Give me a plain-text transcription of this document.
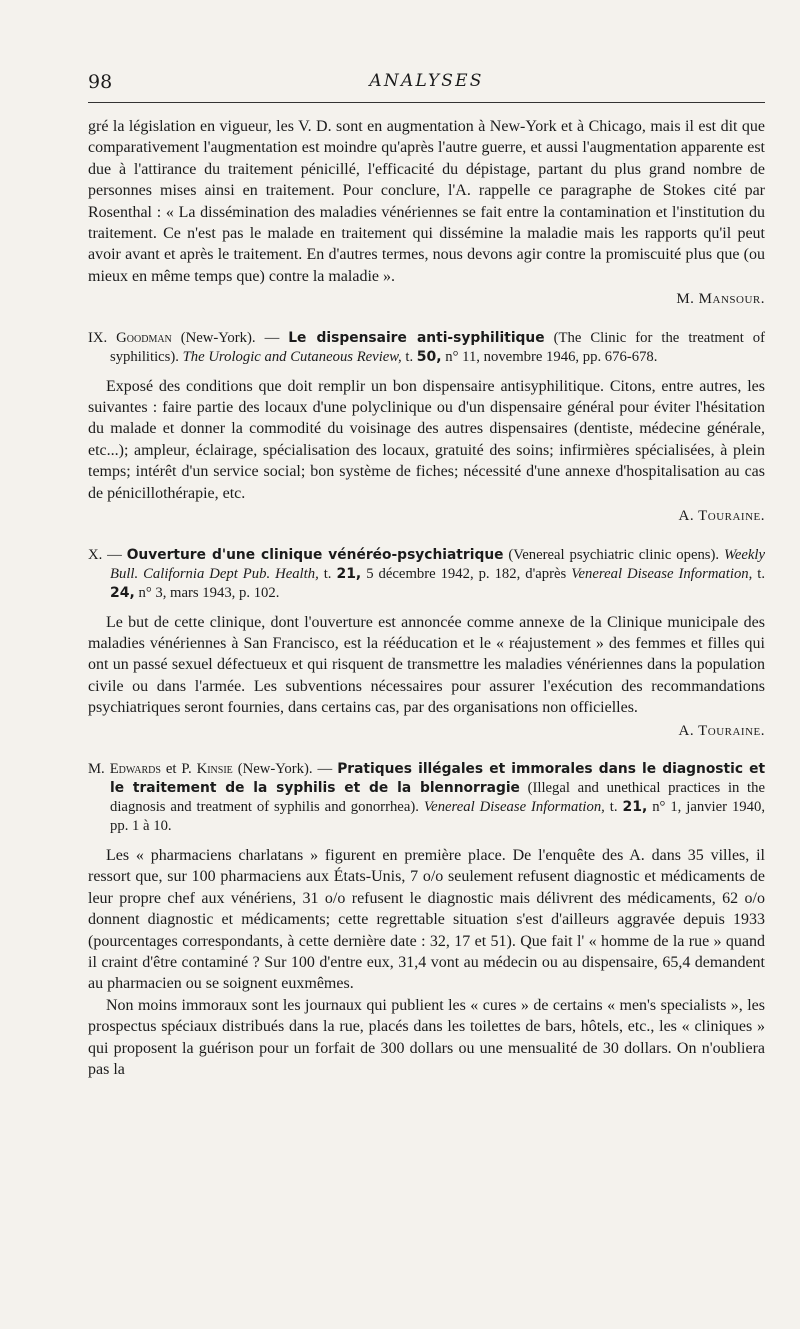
98	ANALYSES

gré la législation en vigueur, les V. D. sont en augmentation à New-York et à Chicago, mais il est dit que comparativement l'augmentation est moindre qu'après l'autre guerre, et aussi l'augmentation apparente est due à l'attirance du traitement pénicillé, l'efficacité du dépistage, partant du plus grand nombre de personnes mises ainsi en traitement. Pour conclure, l'A. rappelle ce paragraphe de Stokes cité par Rosenthal : « La dissémination des maladies vénériennes se fait entre la contamination et l'institution du traitement. Ce n'est pas le malade en traitement qui dissémine la maladie mais les rapports qu'il peut avoir avant et après le traitement. En d'autres termes, nous devons agir contre la promiscuité plus que (ou mieux en même temps que) contre la maladie ».

M. Mansour.

IX. Goodman (New-York). — Le dispensaire anti-syphilitique (The Clinic for the treatment of syphilitics). The Urologic and Cutaneous Review, t. 50, n° 11, novembre 1946, pp. 676-678.

Exposé des conditions que doit remplir un bon dispensaire antisyphilitique. Citons, entre autres, les suivantes : faire partie des locaux d'une polyclinique ou d'un dispensaire général pour éviter l'hésitation du malade et donner la commodité du voisinage des autres dispensaires (dentiste, médecine générale, etc...); ampleur, éclairage, spécialisation des locaux, gratuité des soins; infirmières spécialisées, à plein temps; intérêt d'un service social; bon système de fiches; nécessité d'une annexe d'hospitalisation au cas de pénicillothérapie, etc.

A. Touraine.

X. — Ouverture d'une clinique vénéréo-psychiatrique (Venereal psychiatric clinic opens). Weekly Bull. California Dept Pub. Health, t. 21, 5 décembre 1942, p. 182, d'après Venereal Disease Information, t. 24, n° 3, mars 1943, p. 102.

Le but de cette clinique, dont l'ouverture est annoncée comme annexe de la Clinique municipale des maladies vénériennes à San Francisco, est la rééducation et le « réajustement » des femmes et filles qui ont un passé sexuel défectueux et qui risquent de transmettre les maladies vénériennes dans la population civile ou dans l'armée. Les subventions nécessaires pour assurer l'exécution des recommandations psychiatriques seront fournies, dans certains cas, par des organisations non officielles.

A. Touraine.

M. Edwards et P. Kinsie (New-York). — Pratiques illégales et immorales dans le diagnostic et le traitement de la syphilis et de la blennorragie (Illegal and unethical practices in the diagnosis and treatment of syphilis and gonorrhea). Venereal Disease Information, t. 21, n° 1, janvier 1940, pp. 1 à 10.

Les « pharmaciens charlatans » figurent en première place. De l'enquête des A. dans 35 villes, il ressort que, sur 100 pharmaciens aux États-Unis, 7 o/o seulement refusent diagnostic et médicaments de leur propre chef aux vénériens, 31 o/o refusent le diagnostic mais délivrent des médicaments, 62 o/o donnent diagnostic et médicaments; cette regrettable situation s'est d'ailleurs aggravée depuis 1933 (pourcentages correspondants, à cette dernière date : 32, 17 et 51). Que fait l' « homme de la rue » quand il craint d'être contaminé ? Sur 100 d'entre eux, 31,4 vont au médecin ou au dispensaire, 65,4 demandent au pharmacien ou se soignent euxmêmes.

Non moins immoraux sont les journaux qui publient les « cures » de certains « men's specialists », les prospectus spéciaux distribués dans la rue, placés dans les toilettes de bars, hôtels, etc., les « cliniques » qui proposent la guérison pour un forfait de 300 dollars ou une mensualité de 30 dollars. On n'oubliera pas la
